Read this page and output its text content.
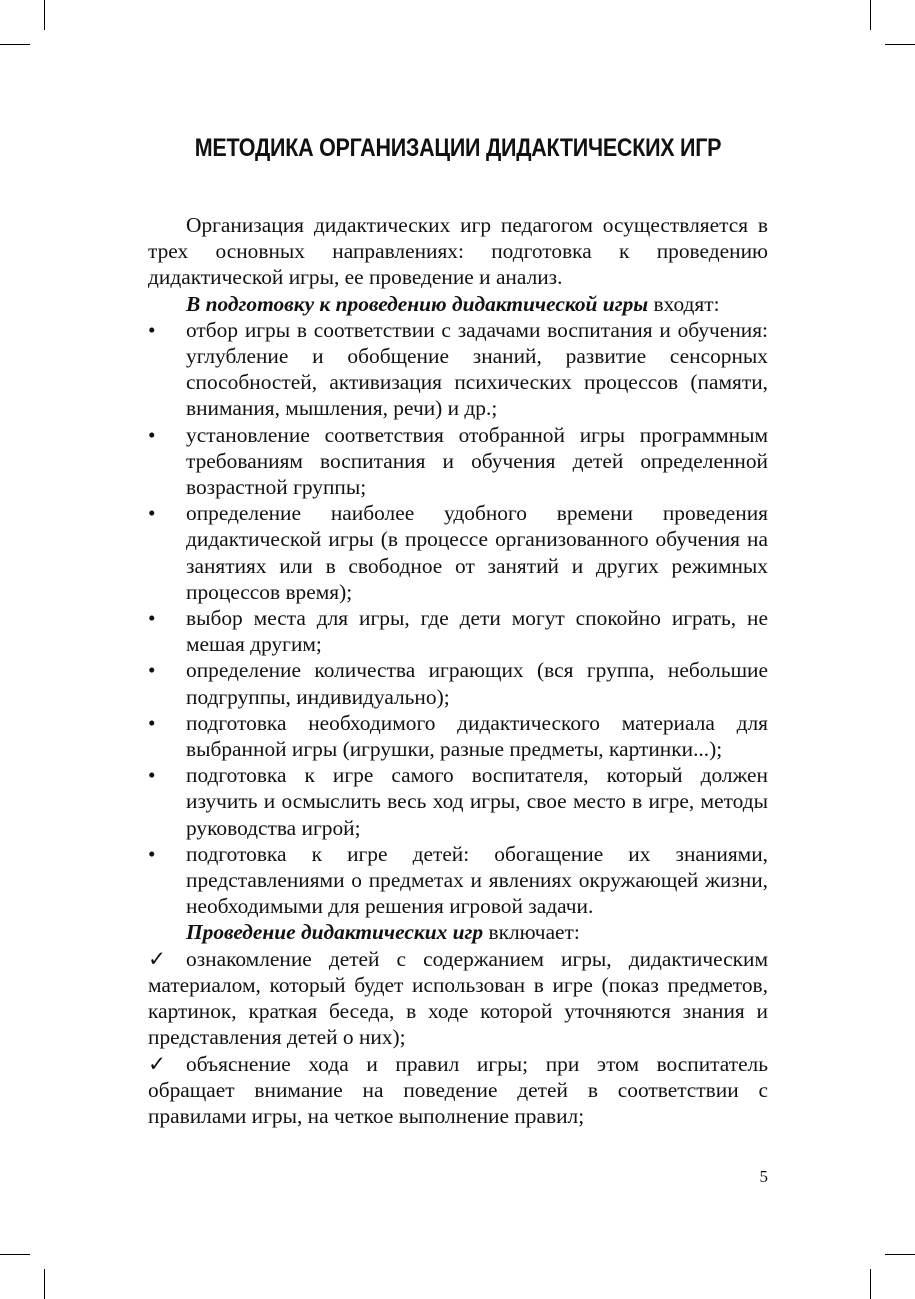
МЕТОДИКА ОРГАНИЗАЦИИ ДИДАКТИЧЕСКИХ ИГР

Организация дидактических игр педагогом осуществляется в трех основных направлениях: подготовка к проведению дидактической игры, ее проведение и анализ.

В подготовку к проведению дидактической игры входят:

• отбор игры в соответствии с задачами воспитания и обучения: углубление и обобщение знаний, развитие сенсорных способностей, активизация психических процессов (памяти, внимания, мышления, речи) и др.;
• установление соответствия отобранной игры программным требованиям воспитания и обучения детей определенной возрастной группы;
• определение наиболее удобного времени проведения дидактической игры (в процессе организованного обучения на занятиях или в свободное от занятий и других режимных процессов время);
• выбор места для игры, где дети могут спокойно играть, не мешая другим;
• определение количества играющих (вся группа, небольшие подгруппы, индивидуально);
• подготовка необходимого дидактического материала для выбранной игры (игрушки, разные предметы, картинки...);
• подготовка к игре самого воспитателя, который должен изучить и осмыслить весь ход игры, свое место в игре, методы руководства игрой;
• подготовка к игре детей: обогащение их знаниями, представлениями о предметах и явлениях окружающей жизни, необходимыми для решения игровой задачи.

Проведение дидактических игр включает:

✓ ознакомление детей с содержанием игры, дидактическим материалом, который будет использован в игре (показ предметов, картинок, краткая беседа, в ходе которой уточняются знания и представления детей о них);
✓ объяснение хода и правил игры; при этом воспитатель обращает внимание на поведение детей в соответствии с правилами игры, на четкое выполнение правил;
5
